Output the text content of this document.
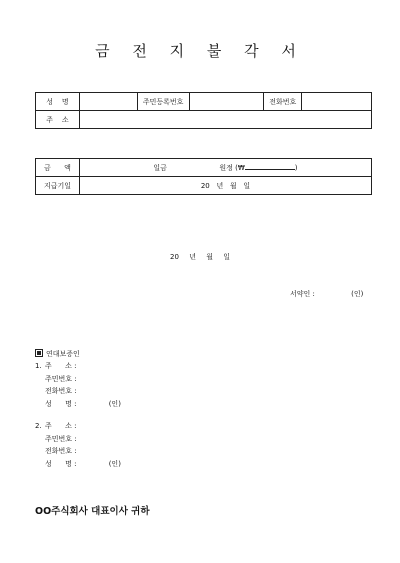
금 전 지 불 각 서
성    명		주민등록번호		전화번호	
주    소					
금      액	일금 원정 (₩ )
지급기일	20 년 월 일
20 년 월 일
서약인 :	(인)
연대보증인
1. 주      소 :
주민번호 :
전화번호 :
성      명 :	(인)
2. 주      소 :
주민번호 :
전화번호 :
성      명 :	(인)
OO주식회사 대표이사 귀하
